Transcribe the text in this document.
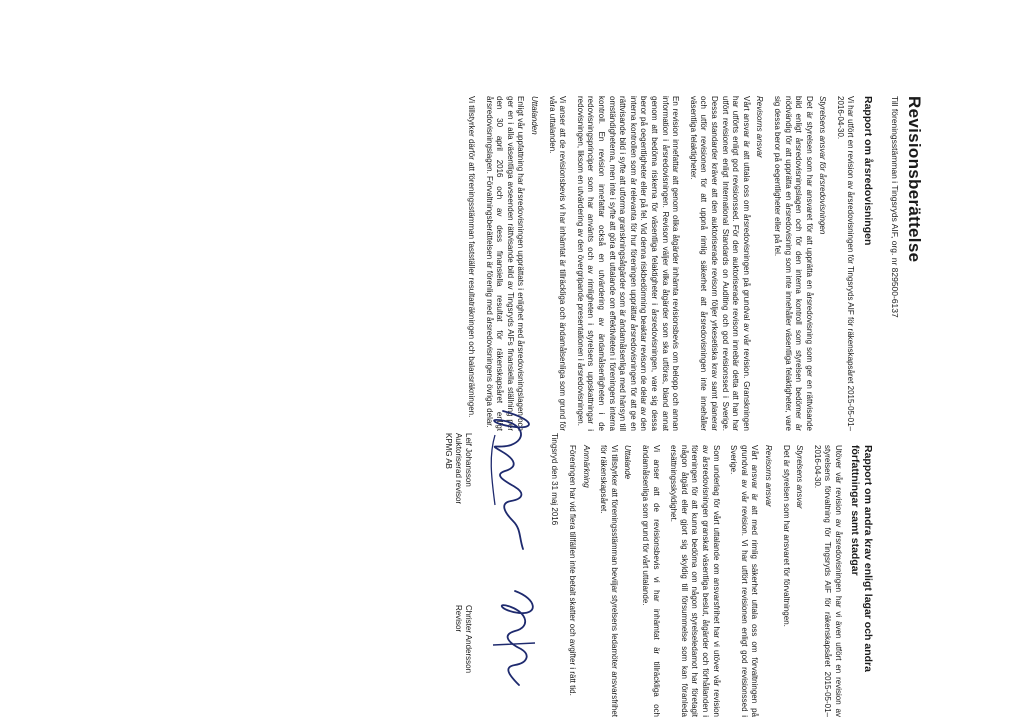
Revisionsberättelse
Till föreningsstämman i Tingsryds AIF, org. nr 829500-6137
Rapport om årsredovisningen

Vi har utfört en revision av årsredovisningen för Tingsryds AIF för räkenskapsåret 2015-05-01–2016-04-30.

Styrelsens ansvar för årsredovisningen

Det är styrelsen som har ansvaret för att upprätta en årsredovisning som ger en rättvisande bild enligt årsredovisningslagen och för den interna kontroll som styrelsen bedömer är nödvändig för att upprätta en årsredovisning som inte innehåller väsentliga felaktigheter, vare sig dessa beror på oegentligheter eller på fel.

Revisorns ansvar

Vårt ansvar är att uttala oss om årsredovisningen på grundval av vår revision. Granskningen har utförts enligt god revisionssed. För den auktoriserade revisorn innebär detta att han har utfört revisionen enligt International Standards on Auditing och god revisionssed i Sverige. Dessa standarder kräver att den auktoriserade revisorn följer yrkesetiska krav samt planerar och utför revisionen för att uppnå rimlig säkerhet att årsredovisningen inte innehåller väsentliga felaktigheter.

En revision innefattar att genom olika åtgärder inhämta revisionsbevis om belopp och annan information i årsredovisningen. Revisorn väljer vilka åtgärder som ska utföras, bland annat genom att bedöma riskerna för väsentliga felaktigheter i årsredovisningen, vare sig dessa beror på oegentligheter eller på fel. Vid denna riskbedömning beaktar revisorn de delar av den interna kontrollen som är relevanta för hur föreningen upprättar årsredovisningen för att ge en rättvisande bild i syfte att utforma granskningsåtgärder som är ändamålsenliga med hänsyn till omständigheterna, men inte i syfte att göra ett uttalande om effektiviteten i föreningens interna kontroll. En revision innefattar också en utvärdering av ändamålsenligheten i de redovisningsprinciper som har använts och av rimligheten i styrelsens uppskattningar i redovisningen, liksom en utvärdering av den övergripande presentationen i årsredovisningen.

Vi anser att de revisionsbevis vi har inhämtat är tillräckliga och ändamålsenliga som grund för våra uttalanden.

Uttalanden

Enligt vår uppfattning har årsredovisningen upprättats i enlighet med årsredovisningslagen och ger en i alla väsentliga avseenden rättvisande bild av Tingsryds AIFs finansiella ställning per den 30 april 2016 och av dess finansiella resultat för räkenskapsåret enligt årsredovisningslagen. Förvaltningsberättelsen är förenlig med årsredovisningens övriga delar.

Vi tillstyrker därför att föreningsstämman fastställer resultaträkningen och balansräkningen.

Rapport om andra krav enligt lagar och andra författningar samt stadgar

Utöver vår revision av årsredovisningen har vi även utfört en revision av styrelsens förvaltning för Tingsryds AIF för räkenskapsåret 2015-05-01–2016-04-30.

Styrelsens ansvar

Det är styrelsen som har ansvaret för förvaltningen.

Revisorns ansvar

Vårt ansvar är att med rimlig säkerhet uttala oss om förvaltningen på grundval av vår revision. Vi har utfört revisionen enligt god revisionssed i Sverige.

Som underlag för vårt uttalande om ansvarsfrihet har vi utöver vår revision av årsredovisningen granskat väsentliga beslut, åtgärder och förhållanden i föreningen för att kunna bedöma om någon styrelseledamot har företagit någon åtgärd eller gjort sig skyldig till försummelse som kan föranleda ersättningsskyldighet.

Vi anser att de revisionsbevis vi har inhämtat är tillräckliga och ändamålsenliga som grund för vårt uttalande.

Uttalande

Vi tillstyrker att föreningsstämman beviljar styrelsens ledamöter ansvarsfrihet för räkenskapsåret.

Anmärkning

Föreningen har vid flera tillfällen inte betalt skatter och avgifter i rätt tid.

Tingsryd den 31 maj 2016
Leif Johansson
Auktoriserad revisor
KPMG AB
Christer Andersson
Revisor
